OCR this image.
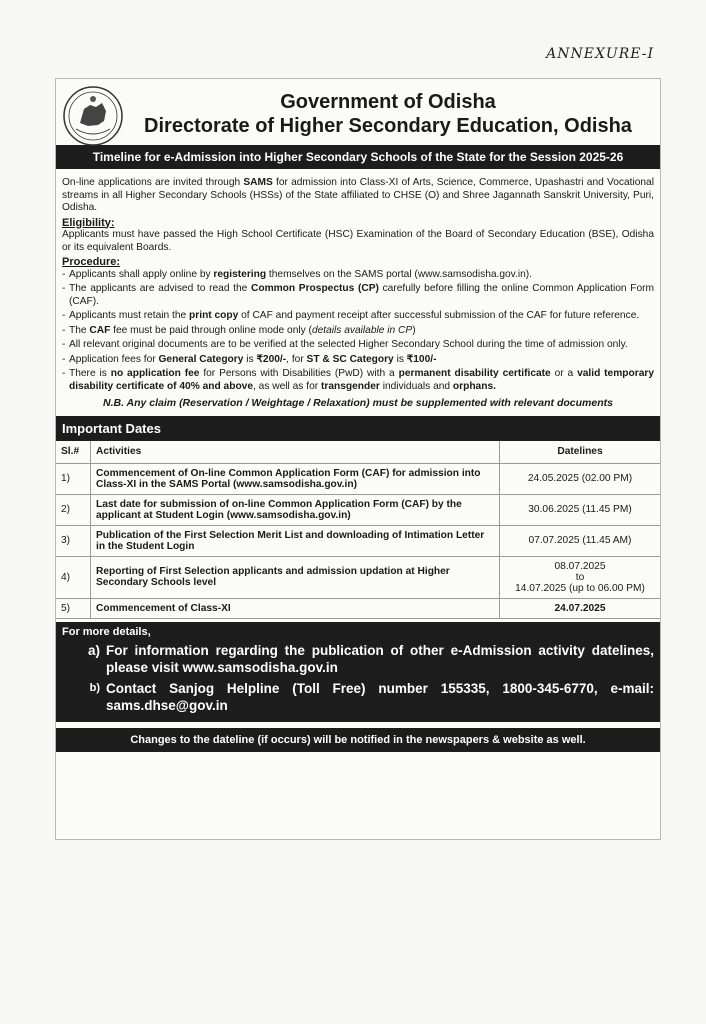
ANNEXURE-I
Government of Odisha
Directorate of Higher Secondary Education, Odisha
Timeline for e-Admission into Higher Secondary Schools of the State for the Session 2025-26

On-line applications are invited through SAMS for admission into Class-XI of Arts, Science, Commerce, Upashastri and Vocational streams in all Higher Secondary Schools (HSSs) of the State affiliated to CHSE (O) and Shree Jagannath Sanskrit University, Puri, Odisha.

Eligibility:

Applicants must have passed the High School Certificate (HSC) Examination of the Board of Secondary Education (BSE), Odisha or its equivalent Boards.

Procedure:
- Applicants shall apply online by registering themselves on the SAMS portal (www.samsodisha.gov.in).
- The applicants are advised to read the Common Prospectus (CP) carefully before filling the online Common Application Form (CAF).
- Applicants must retain the print copy of CAF and payment receipt after successful submission of the CAF for future reference.
- The CAF fee must be paid through online mode only (details available in CP)
- All relevant original documents are to be verified at the selected Higher Secondary School during the time of admission only.
- Application fees for General Category is ₹200/-, for ST & SC Category is ₹100/-
- There is no application fee for Persons with Disabilities (PwD) with a permanent disability certificate or a valid temporary disability certificate of 40% and above, as well as for transgender individuals and orphans.
N.B. Any claim (Reservation / Weightage / Relaxation) must be supplemented with relevant documents
Important Dates
Sl.#	Activities	Datelines
1)	Commencement of On-line Common Application Form (CAF) for admission into Class-XI in the SAMS Portal (www.samsodisha.gov.in)	24.05.2025 (02.00 PM)
2)	Last date for submission of on-line Common Application Form (CAF) by the applicant at Student Login (www.samsodisha.gov.in)	30.06.2025 (11.45 PM)
3)	Publication of the First Selection Merit List and downloading of Intimation Letter in the Student Login	07.07.2025 (11.45 AM)
4)	Reporting of First Selection applicants and admission updation at Higher Secondary Schools level	08.07.2025
to
14.07.2025 (up to 06.00 PM)

5)	Commencement of Class-XI	24.07.2025
For more details,
a) For information regarding the publication of other e-Admission activity datelines, please visit www.samsodisha.gov.in
b) Contact Sanjog Helpline (Toll Free) number 155335, 1800-345-6770, e-mail: sams.dhse@gov.in
Changes to the dateline (if occurs) will be notified in the newspapers & website as well.
